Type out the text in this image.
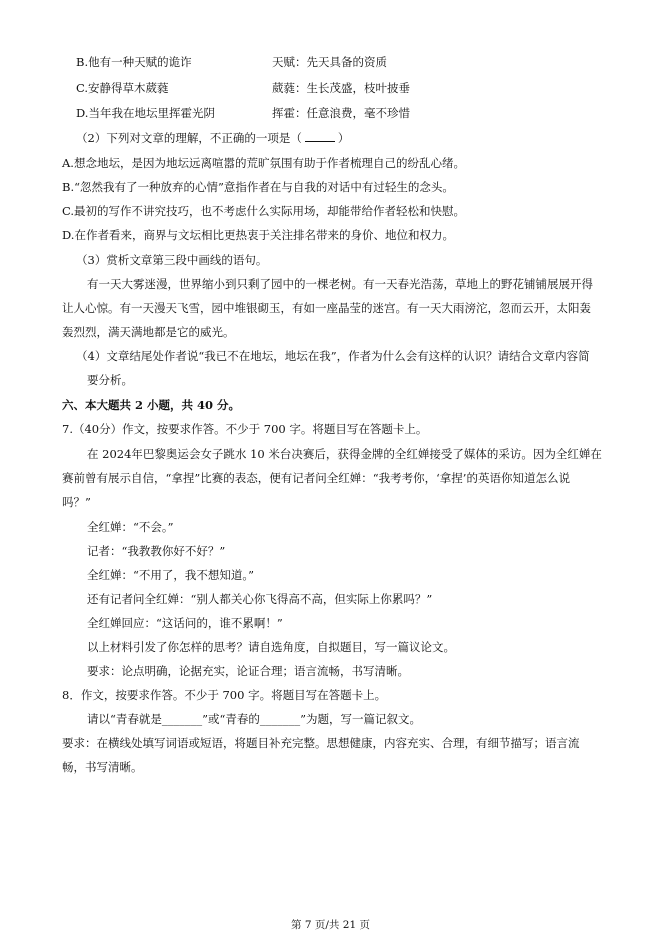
B.他有一种天赋的诡诈	天赋：先天具备的资质
C.安静得草木葳蕤	葳蕤：生长茂盛，枝叶披垂
D.当年我在地坛里挥霍光阴	挥霍：任意浪费，毫不珍惜
（2）下列对文章的理解，不正确的一项是（	）
A.想念地坛，是因为地坛远离喧嚣的荒旷氛围有助于作者梳理自己的纷乱心绪。
B.“忽然我有了一种放弃的心情”意指作者在与自我的对话中有过轻生的念头。
C.最初的写作不讲究技巧，也不考虑什么实际用场，却能带给作者轻松和快慰。
D.在作者看来，商界与文坛相比更热衷于关注排名带来的身价、地位和权力。
（3）赏析文章第三段中画线的语句。
有一天大雾迷漫，世界缩小到只剩了园中的一棵老树。有一天春光浩荡，草地上的野花铺铺展展开得
让人心惊。有一天漫天飞雪，园中堆银砌玉，有如一座晶莹的迷宫。有一天大雨滂沱，忽而云开，太阳轰
轰烈烈，满天满地都是它的威光。
（4）文章结尾处作者说“我已不在地坛，地坛在我”，作者为什么会有这样的认识？请结合文章内容简
要分析。
六、本大题共 2 小题，共 40 分。
7.（40分）作文，按要求作答。不少于 700 字。将题目写在答题卡上。
在 2024年巴黎奥运会女子跳水 10 米台决赛后，获得金牌的全红婵接受了媒体的采访。因为全红婵在
赛前曾有展示自信，“拿捏”比赛的表态，便有记者问全红婵：“我考考你，‘拿捏’的英语你知道怎么说
吗？”
全红婵：“不会。”
记者：“我教教你好不好？”
全红婵：“不用了，我不想知道。”
还有记者问全红婵：“别人都关心你飞得高不高，但实际上你累吗？”
全红婵回应：“这话问的，谁不累啊！”
以上材料引发了你怎样的思考？请自选角度，自拟题目，写一篇议论文。
要求：论点明确，论据充实，论证合理；语言流畅，书写清晰。
8．作文，按要求作答。不少于 700 字。将题目写在答题卡上。
请以“青春就是_______”或“青春的_______”为题，写一篇记叙文。
要求：在横线处填写词语或短语，将题目补充完整。思想健康，内容充实、合理，有细节描写；语言流
畅，书写清晰。
第 7 页/共 21 页
